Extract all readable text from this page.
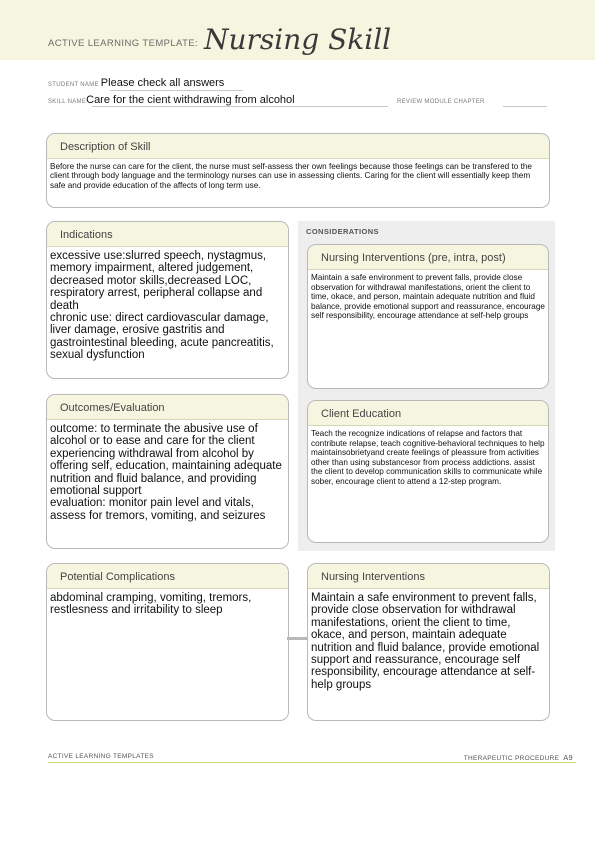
ACTIVE LEARNING TEMPLATE: Nursing Skill
STUDENT NAME Please check all answers
SKILL NAMECare for the cient withdrawing from alcohol	REVIEW MODULE CHAPTER
Description of Skill
Before the nurse can care for the client, the nurse must self-assess ther own feelings because those feelings can be transfered to the client through body language and the terminology nurses can use in assessing clients. Caring for the client will essentially keep them safe and provide education of the affects of long term use.
CONSIDERATIONS
Indications
excessive use:slurred speech, nystagmus, memory impairment, altered judgement, decreased motor skills,decreased LOC, respiratory arrest, peripheral collapse and death
chronic use: direct cardiovascular damage, liver damage, erosive gastritis and gastrointestinal bleeding, acute pancreatitis, sexual dysfunction
Nursing Interventions (pre, intra, post)
Maintain a safe environment to prevent falls, provide close observation for withdrawal manifestations, orient the client to time, okace, and person, maintain adequate nutrition and fluid balance, provide emotional support and reassurance, encourage self responsibility, encourage attendance at self-help groups
Outcomes/Evaluation
outcome: to terminate the abusive use of alcohol or to ease and care for the client experiencing withdrawal from alcohol by offering self, education, maintaining adequate nutrition and fluid balance, and providing emotional support
evaluation: monitor pain level and vitals, assess for tremors, vomiting, and seizures
Client Education
Teach the recognize indications of relapse and factors that contribute relapse, teach cognitive-behavioral techniques to help maintainsobrietyand create feelings of pleassure from activities other than using substancesor from process addictions. assist the client to develop communication skills to communicate while sober, encourage client to attend a 12-step program.
Potential Complications
abdominal cramping, vomiting, tremors, restlesness and irritability to sleep
Nursing Interventions
Maintain a safe environment to prevent falls, provide close observation for withdrawal manifestations, orient the client to time, okace, and person, maintain adequate nutrition and fluid balance, provide emotional support and reassurance, encourage self responsibility, encourage attendance at self-help groups
ACTIVE LEARNING TEMPLATES	THERAPEUTIC PROCEDURE A9
